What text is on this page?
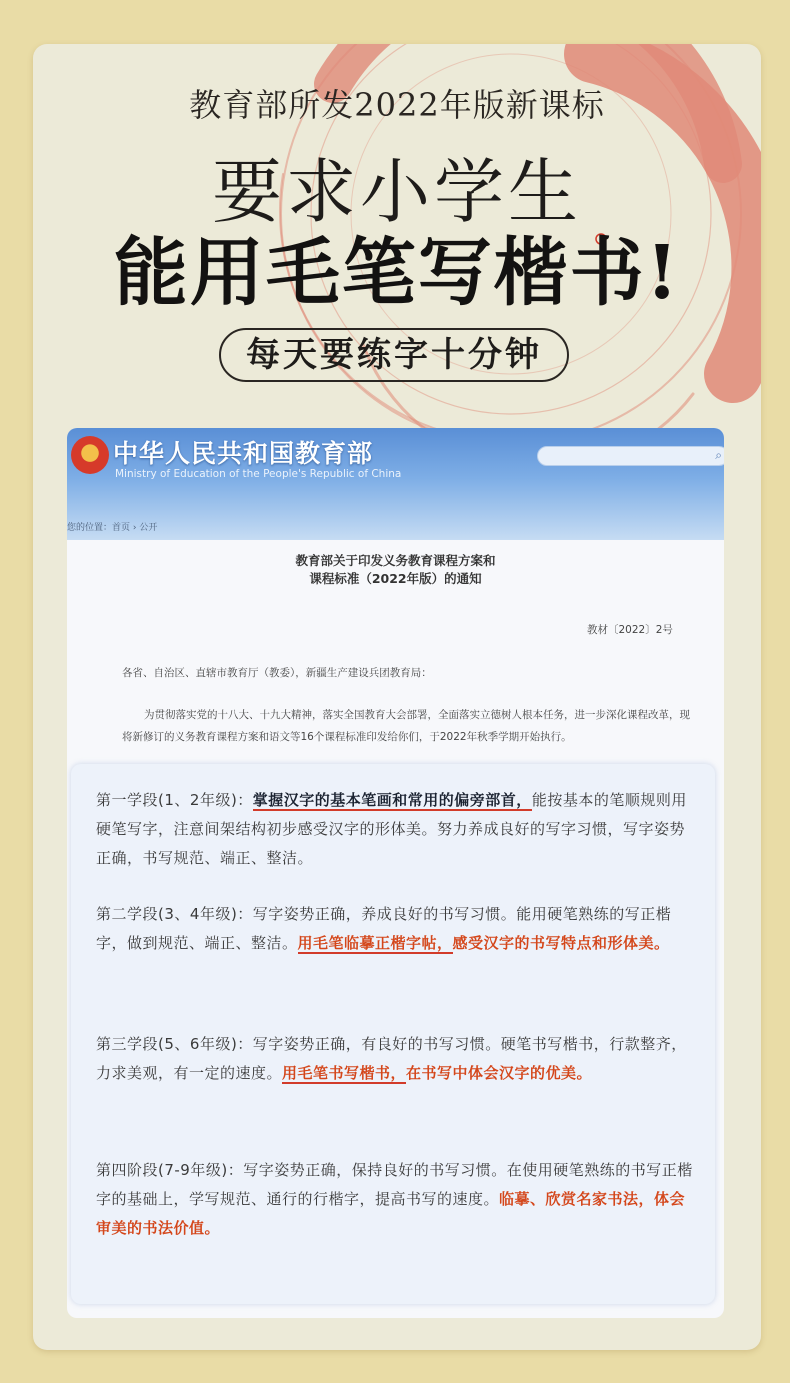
教育部所发2022年版新课标
要求小学生
能用毛笔写楷书!
每天要练字十分钟
中华人民共和国教育部
Ministry of Education of the People's Republic of China
⌕
您的位置：首页 › 公开
教育部关于印发义务教育课程方案和
课程标准（2022年版）的通知
教材〔2022〕2号
各省、自治区、直辖市教育厅（教委），新疆生产建设兵团教育局：
为贯彻落实党的十八大、十九大精神，落实全国教育大会部署，全面落实立德树人根本任务，进一步深化课程改革，现将新修订的义务教育课程方案和语文等16个课程标准印发给你们，于2022年秋季学期开始执行。
第一学段(1、2年级)：掌握汉字的基本笔画和常用的偏旁部首，能按基本的笔顺规则用硬笔写字，注意间架结构初步感受汉字的形体美。努力养成良好的写字习惯，写字姿势正确，书写规范、端正、整洁。
第二学段(3、4年级)：写字姿势正确，养成良好的书写习惯。能用硬笔熟练的写正楷字，做到规范、端正、整洁。用毛笔临摹正楷字帖，感受汉字的书写特点和形体美。
第三学段(5、6年级)：写字姿势正确，有良好的书写习惯。硬笔书写楷书，行款整齐，力求美观，有一定的速度。用毛笔书写楷书，在书写中体会汉字的优美。
第四阶段(7-9年级)：写字姿势正确，保持良好的书写习惯。在使用硬笔熟练的书写正楷字的基础上，学写规范、通行的行楷字，提高书写的速度。临摹、欣赏名家书法，体会审美的书法价值。
